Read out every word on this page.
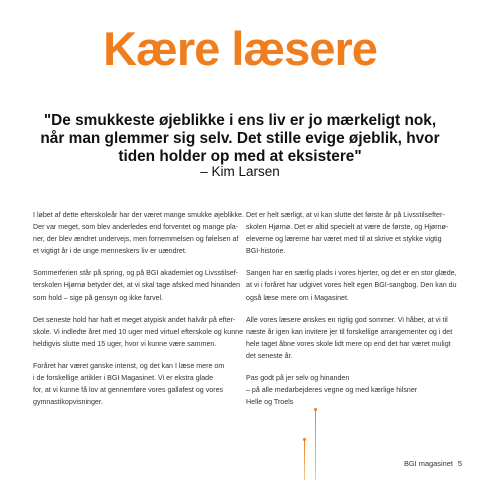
Kære læsere
"De smukkeste øjeblikke i ens liv er jo mærkeligt nok,
når man glemmer sig selv. Det stille evige øjeblik, hvor
tiden holder op med at eksistere"
– Kim Larsen

I løbet af dette efterskoleår har der været mange smukke øjeblikke.
Der var meget, som blev anderledes end forventet og mange pla-
ner, der blev ændret undervejs, men fornemmelsen og følelsen af
et vigtigt år i de unge menneskers liv er uændret.

Sommerferien står på spring, og på BGI akademiet og Livsstilsef-
terskolen Hjørnø betyder det, at vi skal tage afsked med hinanden
som hold – sige på gensyn og ikke farvel.

Det seneste hold har haft et meget atypisk andet halvår på efter-
skole. Vi indledte året med 10 uger med virtuel efterskole og kunne
heldigvis slutte med 15 uger, hvor vi kunne være sammen.

Foråret har været ganske intenst, og det kan I læse mere om
i de forskellige artikler i BGI Magasinet. Vi er ekstra glade
for, at vi kunne få lov at gennemføre vores gallafest og vores
gymnastikopvisninger.

Det er helt særligt, at vi kan slutte det første år på Livsstilsefter-
skolen Hjørnø. Det er altid specielt at være de første, og Hjørnø-
eleverne og lærerne har været med til at skrive et stykke vigtig
BGI-historie.

Sangen har en særlig plads i vores hjerter, og det er en stor glæde,
at vi i foråret har udgivet vores helt egen BGI-sangbog. Den kan du
også læse mere om i Magasinet.

Alle vores læsere ønskes en rigtig god sommer. Vi håber, at vi til
næste år igen kan invitere jer til forskellige arrangementer og i det
hele taget åbne vores skole lidt mere op end det har været muligt
det seneste år.

Pas godt på jer selv og hinanden
– på alle medarbejderes vegne og med kærlige hilsner
Helle og Troels

BGI magasinet 5
